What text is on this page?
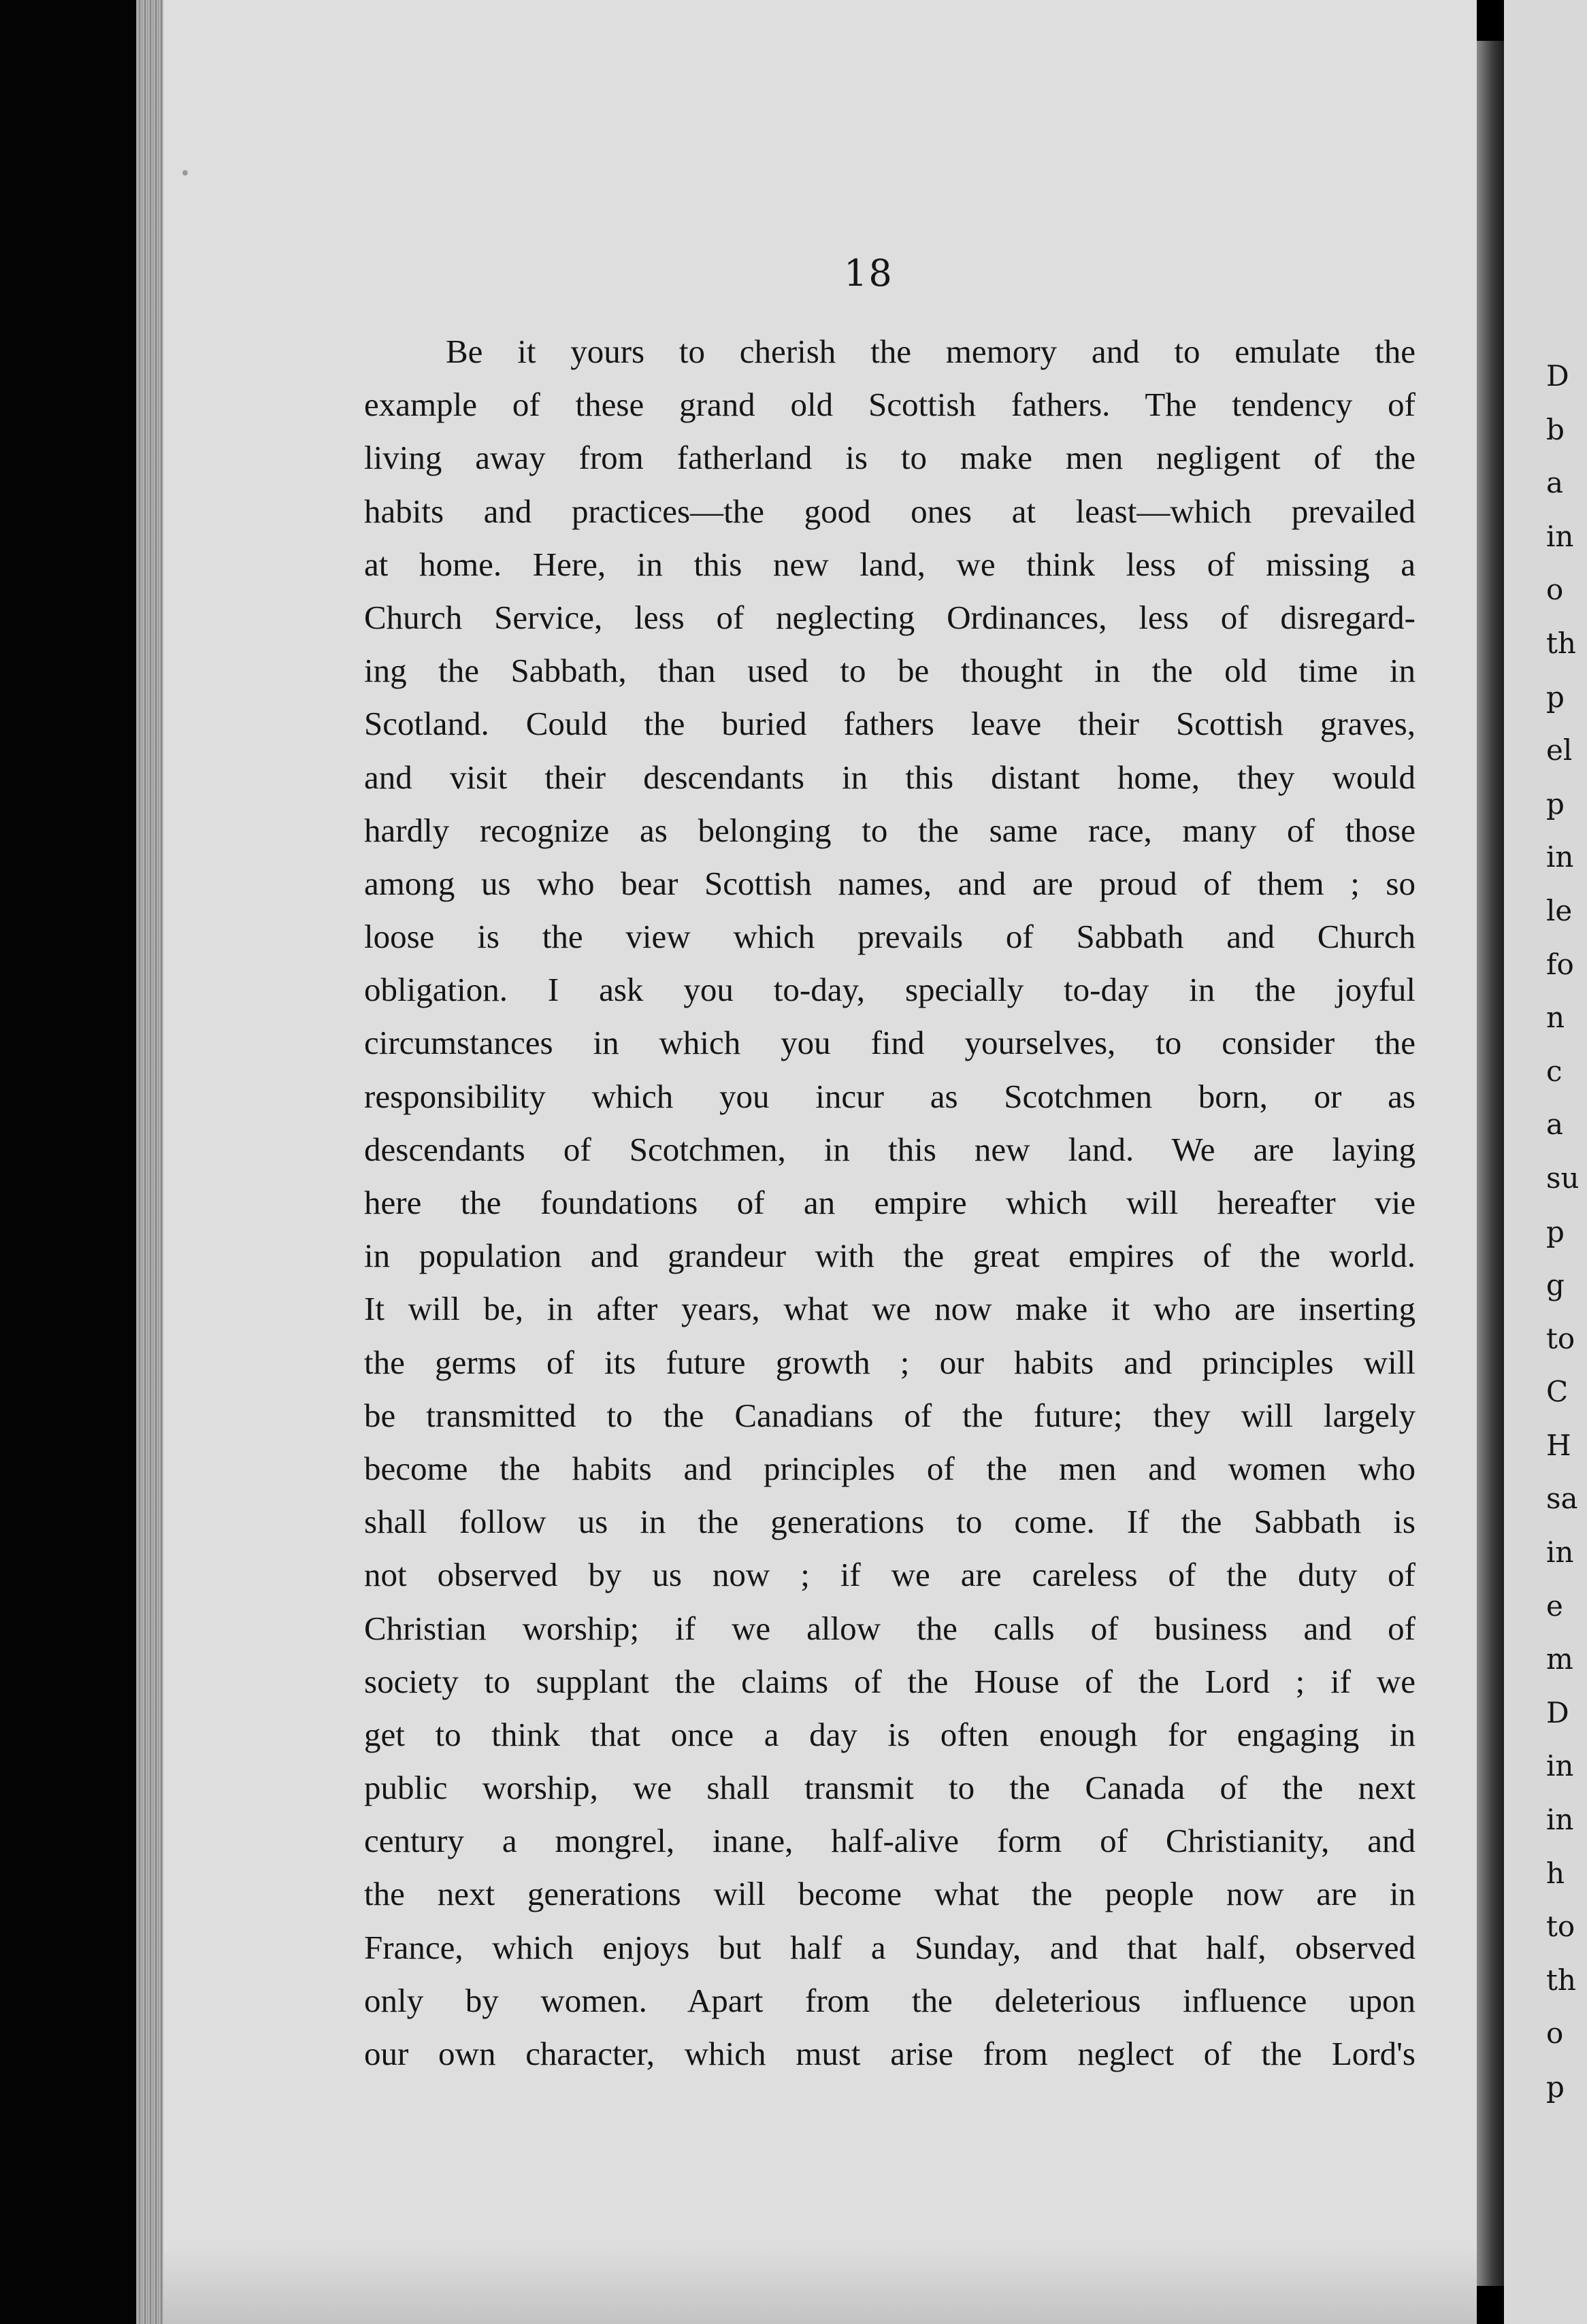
18
Be it yours to cherish the memory and to emulate the
example of these grand old Scottish fathers. The tendency of
living away from fatherland is to make men negligent of the
habits and practices—the good ones at least—which prevailed
at home. Here, in this new land, we think less of missing a
Church Service, less of neglecting Ordinances, less of disregard-
ing the Sabbath, than used to be thought in the old time in
Scotland. Could the buried fathers leave their Scottish graves,
and visit their descendants in this distant home, they would
hardly recognize as belonging to the same race, many of those
among us who bear Scottish names, and are proud of them ; so
loose is the view which prevails of Sabbath and Church
obligation. I ask you to-day, specially to-day in the joyful
circumstances in which you find yourselves, to consider the
responsibility which you incur as Scotchmen born, or as
descendants of Scotchmen, in this new land. We are laying
here the foundations of an empire which will hereafter vie
in population and grandeur with the great empires of the world.
It will be, in after years, what we now make it who are inserting
the germs of its future growth ; our habits and principles will
be transmitted to the Canadians of the future; they will largely
become the habits and principles of the men and women who
shall follow us in the generations to come. If the Sabbath is
not observed by us now ; if we are careless of the duty of
Christian worship; if we allow the calls of business and of
society to supplant the claims of the House of the Lord ; if we
get to think that once a day is often enough for engaging in
public worship, we shall transmit to the Canada of the next
century a mongrel, inane, half-alive form of Christianity, and
the next generations will become what the people now are in
France, which enjoys but half a Sunday, and that half, observed
only by women. Apart from the deleterious influence upon
our own character, which must arise from neglect of the Lord's
D
b
a
in
o
th
p
el
p
in
le
fo
n
c
a
su
p
g
to
C
H
sa
in
e
m
D
in
in
h
to
th
o
p
